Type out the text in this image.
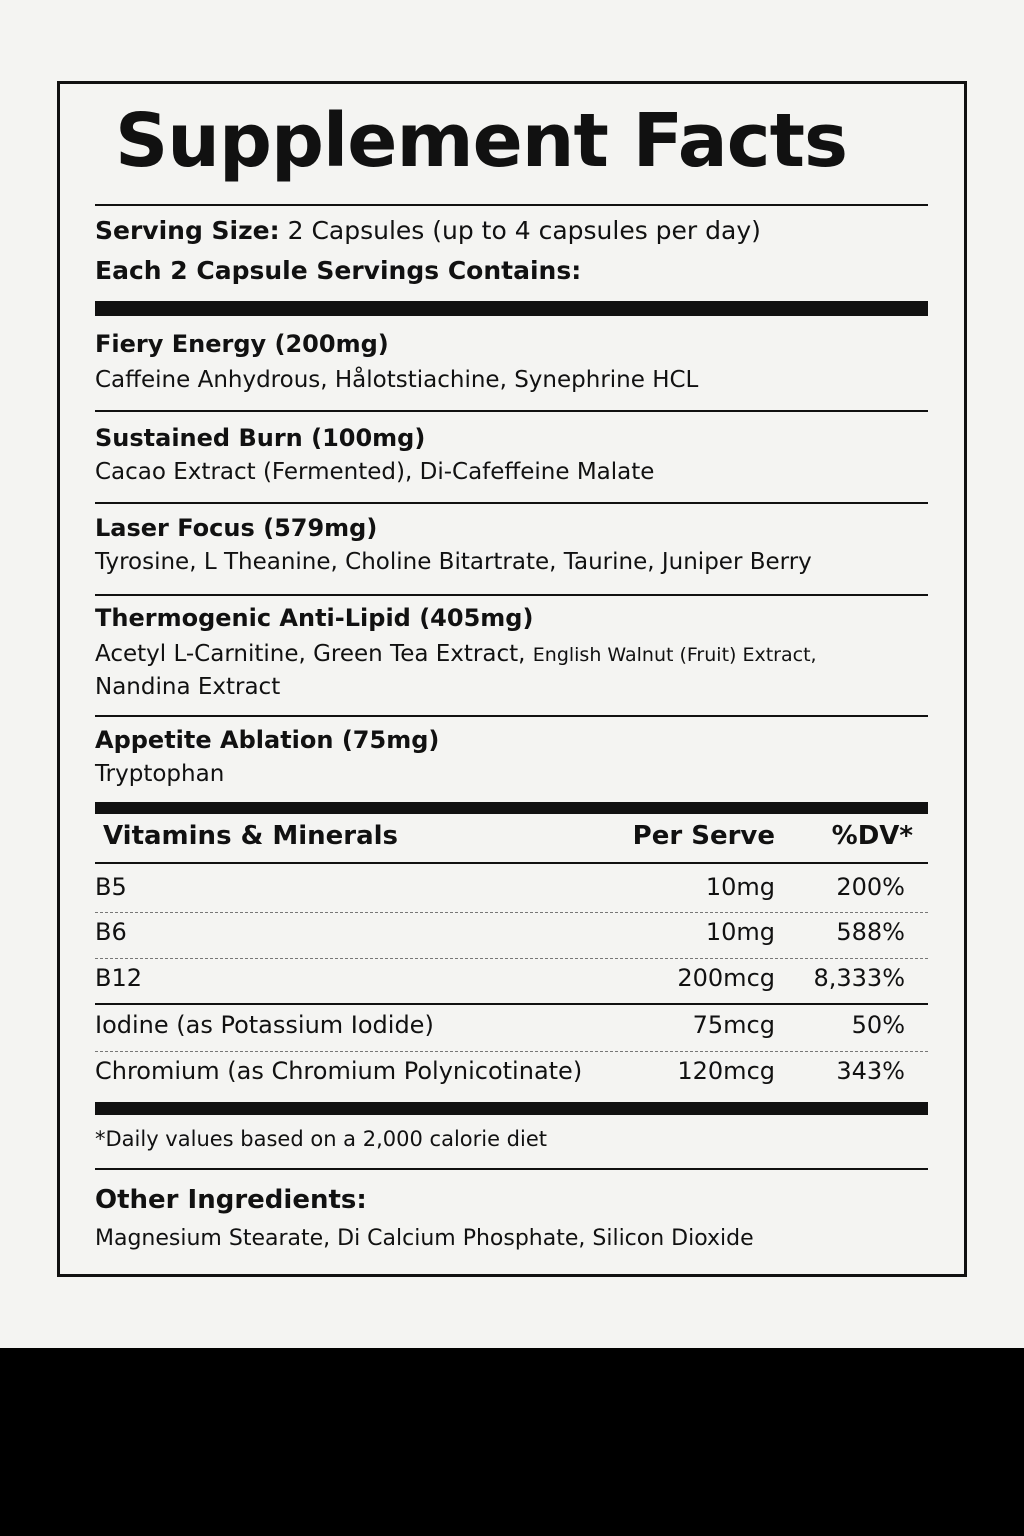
Supplement Facts
Serving Size: 2 Capsules (up to 4 capsules per day)
Each 2 Capsule Servings Contains:
Fiery Energy (200mg)
Caffeine Anhydrous, Hålotstiachine, Synephrine HCL
Sustained Burn (100mg)
Cacao Extract (Fermented), Di-Cafeffeine Malate
Laser Focus (579mg)
Tyrosine, L Theanine, Choline Bitartrate, Taurine, Juniper Berry
Thermogenic Anti-Lipid (405mg)
Acetyl L-Carnitine, Green Tea Extract, English Walnut (Fruit) Extract,
Nandina Extract
Appetite Ablation (75mg)
Tryptophan
Vitamins & Minerals	Per Serve %DV*
B5	10mg	200%
B6	10mg	588%
B12	200mcg 8,333%
Iodine (as Potassium Iodide)	75mcg	50%
Chromium (as Chromium Polynicotinate)	120mcg	343%
*Daily values based on a 2,000 calorie diet
Other Ingredients:
Magnesium Stearate, Di Calcium Phosphate, Silicon Dioxide
